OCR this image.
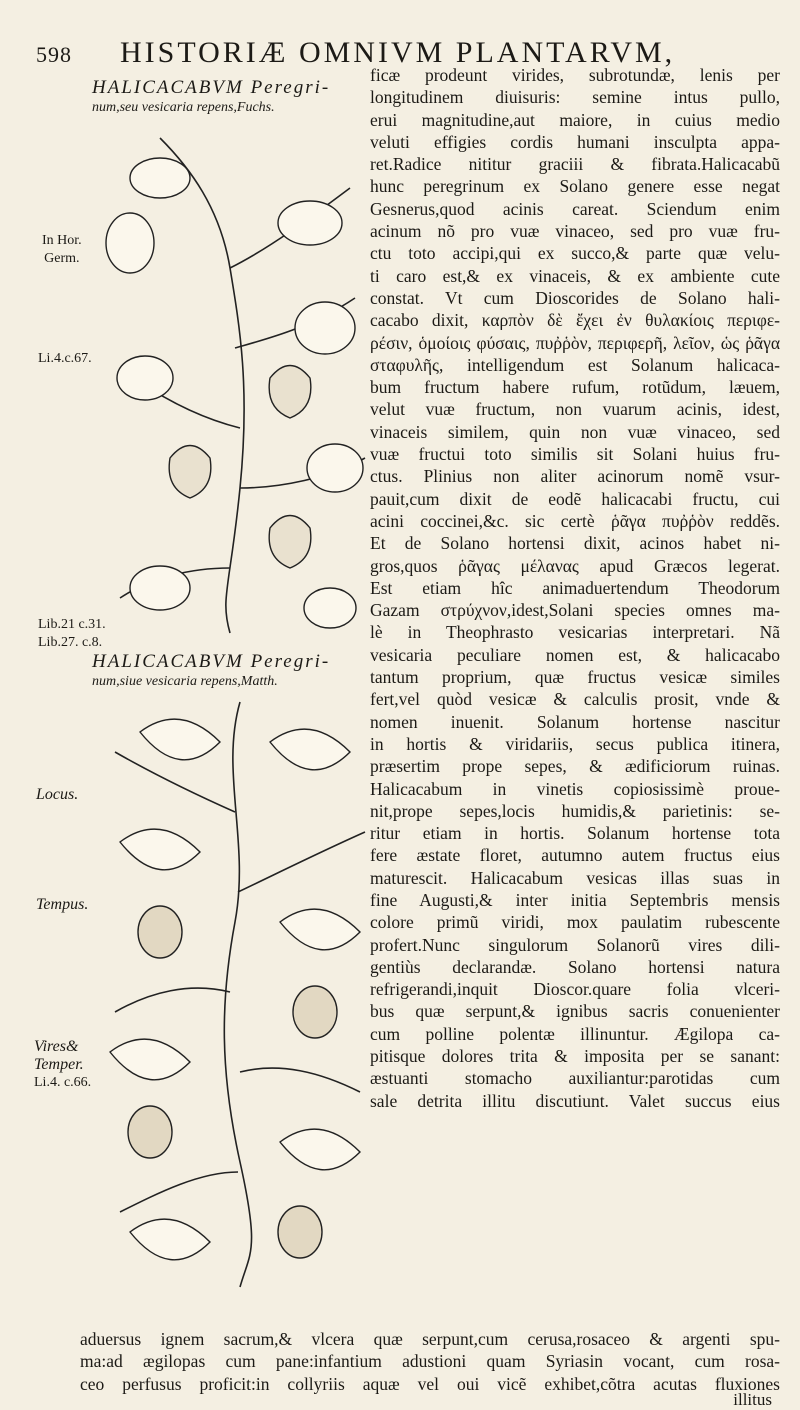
598 HISTORIÆ OMNIVM PLANTARVM,
HALICACABVM Peregri-
num,seu vesicaria repens,Fuchs.
HALICACABVM Peregri-
num,siue vesicaria repens,Matth.
In Hor.
Germ.
Li.4.c.67.
Lib.21 c.31.
Lib.27. c.8.
Locus.
Tempus.
Vires&
Temper.
Li.4. c.66.
ficæ prodeunt virides, subrotundæ, lenis per
longitudinem diuisuris: semine intus pullo,
erui magnitudine,aut maiore, in cuius medio
veluti effigies cordis humani insculpta appa-
ret.Radice nititur graciii & fibrata.Halicacabũ
hunc peregrinum ex Solano genere esse negat
Gesnerus,quod acinis careat. Sciendum enim
acinum nõ pro vuæ vinaceo, sed pro vuæ fru-
ctu toto accipi,qui ex succo,& parte quæ velu-
ti caro est,& ex vinaceis, & ex ambiente cute
constat. Vt cum Dioscorides de Solano hali-
cacabo dixit, καρπὸν δὲ ἔχει ἐν θυλακίοις περιφε-
ρέσιν, ὁμοίοις φύσαις, πυῤῥὸν, περιφερῆ, λεῖον, ὡς ῥᾶγα
σταφυλῆς, intelligendum est Solanum halicaca-
bum fructum habere rufum, rotũdum, læuem,
velut vuæ fructum, non vuarum acinis, idest,
vinaceis similem, quin non vuæ vinaceo, sed
vuæ fructui toto similis sit Solani huius fru-
ctus. Plinius non aliter acinorum nomẽ vsur-
pauit,cum dixit de eodẽ halicacabi fructu, cui
acini coccinei,&c. sic certè ῥᾶγα πυῤῥὸν reddẽs.
Et de Solano hortensi dixit, acinos habet ni-
gros,quos ῥᾶγας μέλανας apud Græcos legerat.
Est etiam hîc animaduertendum Theodorum
Gazam στρύχνον,idest,Solani species omnes ma-
lè in Theophrasto vesicarias interpretari. Nã
vesicaria peculiare nomen est, & halicacabo
tantum proprium, quæ fructus vesicæ similes
fert,vel quòd vesicæ & calculis prosit, vnde &
nomen inuenit. Solanum hortense nascitur
in hortis & viridariis, secus publica itinera,
præsertim prope sepes, & ædificiorum ruinas.
Halicacabum in vinetis copiosissimè proue-
nit,prope sepes,locis humidis,& parietinis: se-
ritur etiam in hortis. Solanum hortense tota
fere æstate floret, autumno autem fructus eius
maturescit. Halicacabum vesicas illas suas in
fine Augusti,& inter initia Septembris mensis
colore primũ viridi, mox paulatim rubescente
profert.Nunc singulorum Solanorũ vires dili-
gentiùs declarandæ. Solano hortensi natura
refrigerandi,inquit Dioscor.quare folia vlceri-
bus quæ serpunt,& ignibus sacris conuenienter
cum polline polentæ illinuntur. Ægilopa ca-
pitisque dolores trita & imposita per se sanant:
æstuanti stomacho auxiliantur:parotidas cum
sale detrita illitu discutiunt. Valet succus eius
aduersus ignem sacrum,& vlcera quæ serpunt,cum cerusa,rosaceo & argenti spu-
ma:ad ægilopas cum pane:infantium adustioni quam Syriasin vocant, cum rosa-
ceo perfusus proficit:in collyriis aquæ vel oui vicẽ exhibet,cõtra acutas fluxiones
illitus
